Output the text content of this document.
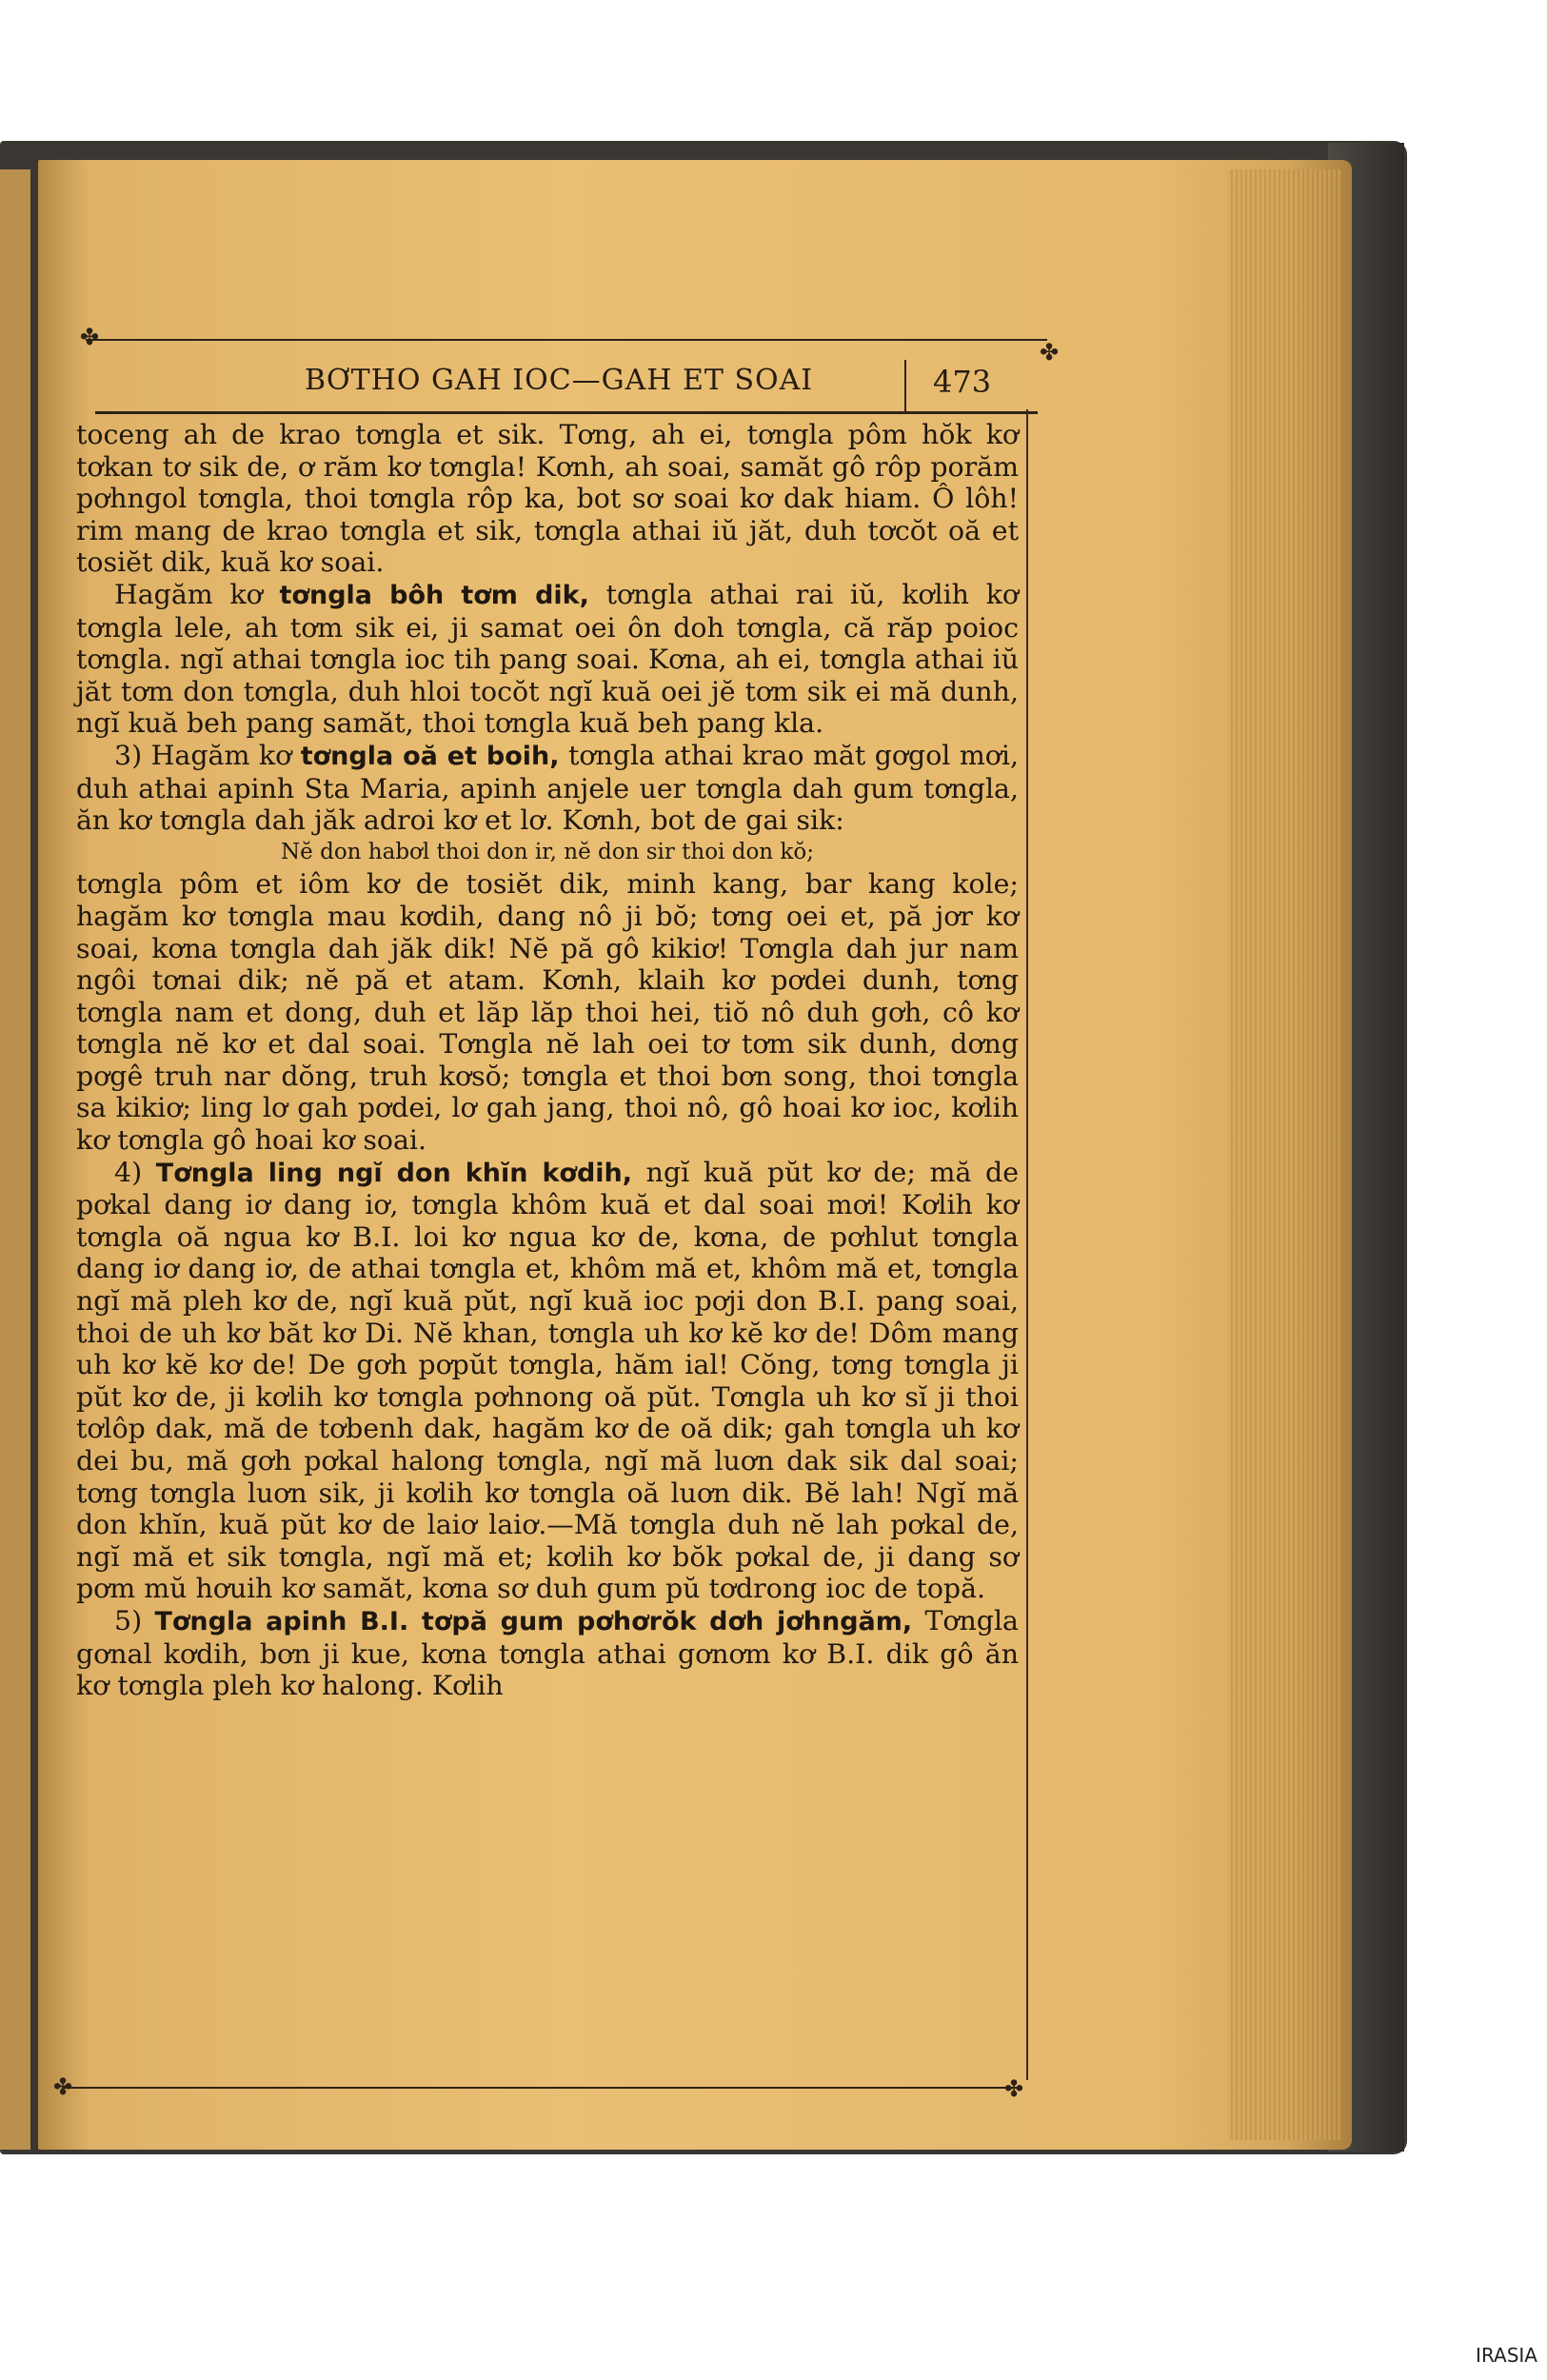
✤
✤
BƠTHO GAH IOC—GAH ET SOAI	473

toceng ah de krao tơngla et sik. Tơng, ah ei, tơngla pôm hŏk kơ tơkan tơ sik de, ơ răm kơ tơngla! Kơnh, ah soai, samăt gô rôp porăm pơhngol tơngla, thoi tơngla rôp ka, bot sơ soai kơ dak hiam. Ô lôh! rim mang de krao tơngla et sik, tơngla athai iŭ jăt, duh tơcŏt oă et tosiĕt dik, kuă kơ soai.

Hagăm kơ tơngla bôh tơm dik, tơngla athai rai iŭ, kơlih kơ tơngla lele, ah tơm sik ei, ji samat oei ôn doh tơngla, că răp poioc tơngla. ngĭ athai tơngla ioc tih pang soai. Kơna, ah ei, tơngla athai iŭ jăt tơm don tơngla, duh hloi tocŏt ngĭ kuă oei jĕ tơm sik ei mă dunh, ngĭ kuă beh pang samăt, thoi tơngla kuă beh pang kla.

3) Hagăm kơ tơngla oă et boih, tơngla athai krao măt gơgol mơi, duh athai apinh Sta Maria, apinh anjele uer tơngla dah gum tơngla, ăn kơ tơngla dah jăk adroi kơ et lơ. Kơnh, bot de gai sik:

Nĕ don habơl thoi don ir, nĕ don sir thoi don kŏ;

tơngla pôm et iôm kơ de tosiĕt dik, minh kang, bar kang kole; hagăm kơ tơngla mau kơdih, dang nô ji bŏ; tơng oei et, pă jơr kơ soai, kơna tơngla dah jăk dik! Nĕ pă gô kikiơ! Tơngla dah jur nam ngôi tơnai dik; nĕ pă et atam. Kơnh, klaih kơ pơdei dunh, tơng tơngla nam et dong, duh et lăp lăp thoi hei, tiŏ nô duh gơh, cô kơ tơngla nĕ kơ et dal soai. Tơngla nĕ lah oei tơ tơm sik dunh, dơng pơgê truh nar dŏng, truh kơsŏ; tơngla et thoi bơn song, thoi tơngla sa kikiơ; ling lơ gah pơdei, lơ gah jang, thoi nô, gô hoai kơ ioc, kơlih kơ tơngla gô hoai kơ soai.

4) Tơngla ling ngĭ don khĭn kơdih, ngĭ kuă pŭt kơ de; mă de pơkal dang iơ dang iơ, tơngla khôm kuă et dal soai mơi! Kơlih kơ tơngla oă ngua kơ B.I. loi kơ ngua kơ de, kơna, de pơhlut tơngla dang iơ dang iơ, de athai tơngla et, khôm mă et, khôm mă et, tơngla ngĭ mă pleh kơ de, ngĭ kuă pŭt, ngĭ kuă ioc pơji don B.I. pang soai, thoi de uh kơ băt kơ Di. Nĕ khan, tơngla uh kơ kĕ kơ de! Dôm mang uh kơ kĕ kơ de! De gơh pơpŭt tơngla, hăm ial! Cŏng, tơng tơngla ji pŭt kơ de, ji kơlih kơ tơngla pơhnong oă pŭt. Tơngla uh kơ sĭ ji thoi tơlôp dak, mă de tơbenh dak, hagăm kơ de oă dik; gah tơngla uh kơ dei bu, mă gơh pơkal halong tơngla, ngĭ mă luơn dak sik dal soai; tơng tơngla luơn sik, ji kơlih kơ tơngla oă luơn dik. Bĕ lah! Ngĭ mă don khĭn, kuă pŭt kơ de laiơ laiơ.—Mă tơngla duh nĕ lah pơkal de, ngĭ mă et sik tơngla, ngĭ mă et; kơlih kơ bŏk pơkal de, ji dang sơ pơm mŭ hơuih kơ samăt, kơna sơ duh gum pŭ tơdrong ioc de topă.

5) Tơngla apinh B.I. tơpă gum pơhơrŏk dơh jơhngăm, Tơngla gơnal kơdih, bơn ji kue, kơna tơngla athai gơnơm kơ B.I. dik gô ăn kơ tơngla pleh kơ halong. Kơlih

✤	✤
IRASIA
